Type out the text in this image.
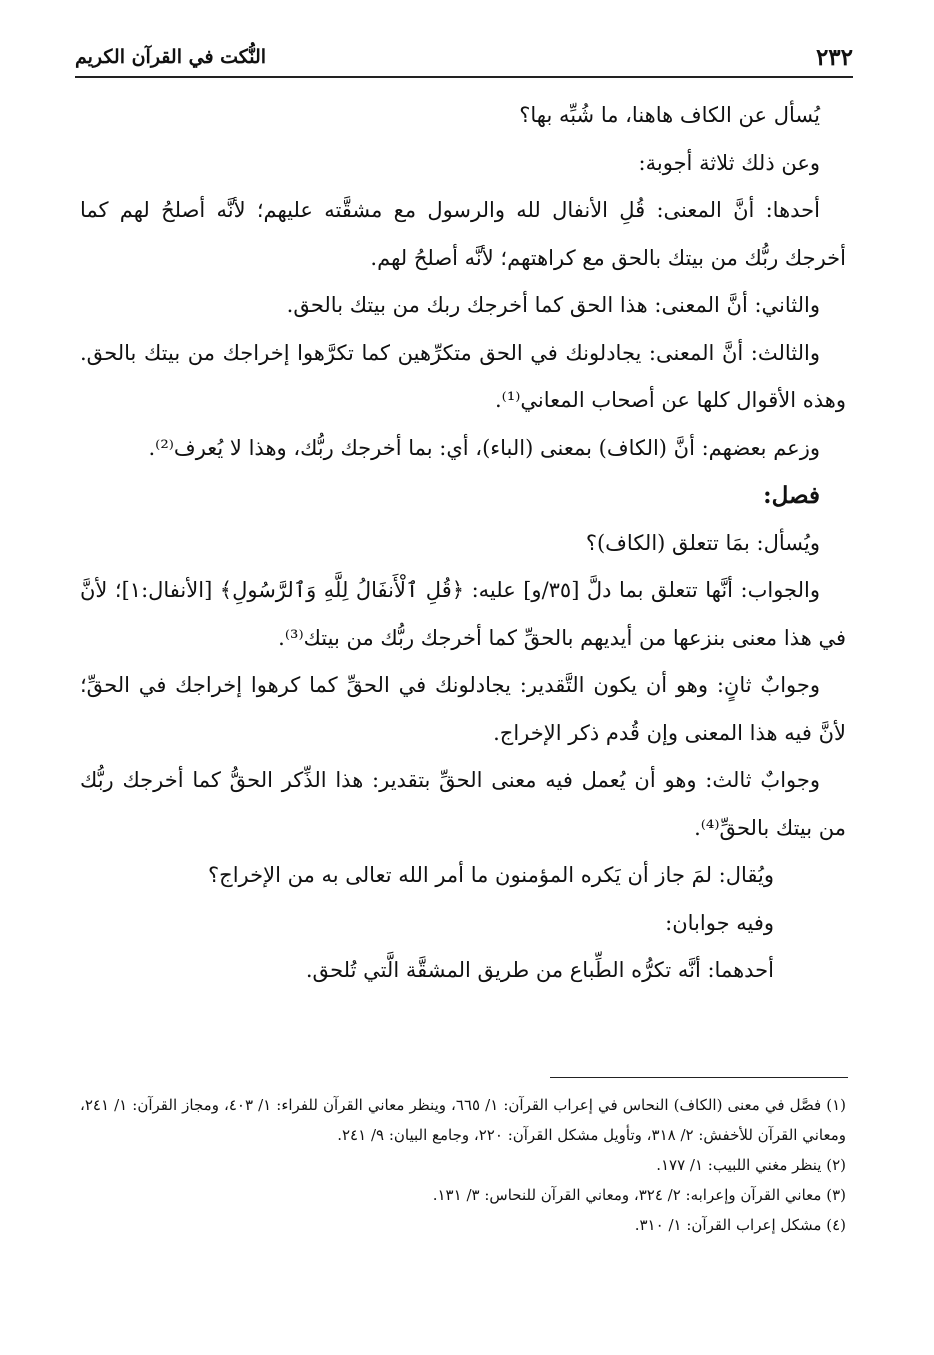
٢٣٢
النُّكت في القرآن الكريم

يُسأل عن الكاف هاهنا، ما شُبِّه بها؟

وعن ذلك ثلاثة أجوبة:

أحدها: أنَّ المعنى: قُلِ الأنفال لله والرسول مع مشقَّته عليهم؛ لأنَّه أصلحُ لهم كما أخرجك ربُّك من بيتك بالحق مع كراهتهم؛ لأنَّه أصلحُ لهم.

والثاني: أنَّ المعنى: هذا الحق كما أخرجك ربك من بيتك بالحق.

والثالث: أنَّ المعنى: يجادلونك في الحق متكرِّهين كما تكرَّهوا إخراجك من بيتك بالحق. وهذه الأقوال كلها عن أصحاب المعاني⁽¹⁾.

وزعم بعضهم: أنَّ (الكاف) بمعنى (الباء)، أي: بما أخرجك ربُّك، وهذا لا يُعرف⁽²⁾.

فصل:

ويُسأل: بمَا تتعلق (الكاف)؟

والجواب: أنَّها تتعلق بما دلَّ [٣٥/و] عليه: ﴿قُلِ ٱلْأَنفَالُ لِلَّهِ وَٱلرَّسُولِ﴾ [الأنفال:١]؛ لأنَّ في هذا معنى بنزعها من أيديهم بالحقِّ كما أخرجك ربُّك من بيتك⁽³⁾.

وجوابٌ ثانٍ: وهو أن يكون التَّقدير: يجادلونك في الحقِّ كما كرهوا إخراجك في الحقِّ؛ لأنَّ فيه هذا المعنى وإن قُدم ذكر الإخراج.

وجوابٌ ثالث: وهو أن يُعمل فيه معنى الحقِّ بتقدير: هذا الذِّكر الحقُّ كما أخرجك ربُّك من بيتك بالحقِّ⁽⁴⁾.

ويُقال: لمَ جاز أن يَكره المؤمنون ما أمر الله تعالى به من الإخراج؟

وفيه جوابان:

أحدهما: أنَّه تكرُّه الطِّباع من طريق المشقَّة الَّتي تُلحق.

(١) فصَّل في معنى (الكاف) النحاس في إعراب القرآن: ١/ ٦٦٥، وينظر معاني القرآن للفراء: ١/ ٤٠٣، ومجاز القرآن: ١/ ٢٤١، ومعاني القرآن للأخفش: ٢/ ٣١٨، وتأويل مشكل القرآن: ٢٢٠، وجامع البيان: ٩/ ٢٤١.

(٢) ينظر مغني اللبيب: ١/ ١٧٧.

(٣) معاني القرآن وإعرابه: ٢/ ٣٢٤، ومعاني القرآن للنحاس: ٣/ ١٣١.

(٤) مشكل إعراب القرآن: ١/ ٣١٠.
